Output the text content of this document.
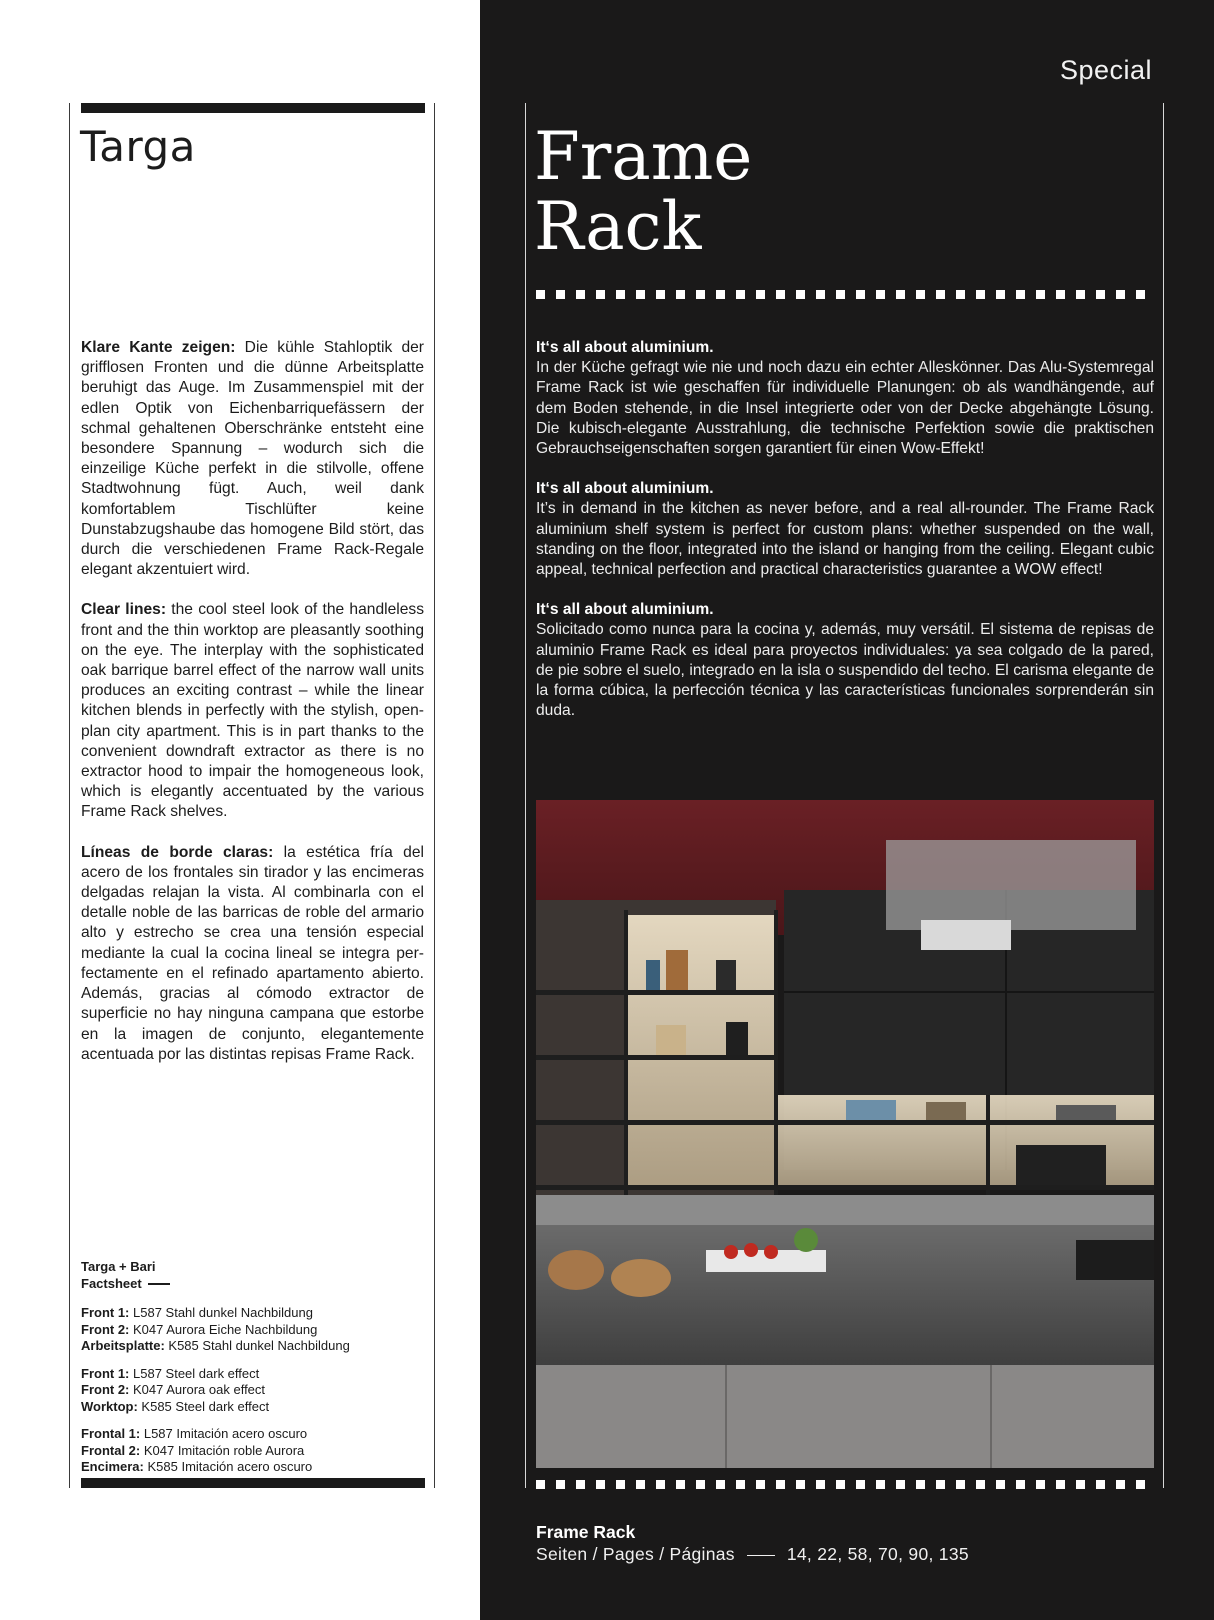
Targa

Klare Kante zeigen: Die kühle Stahloptik der grifflosen Fronten und die dünne Arbeitsplatte beruhigt das Auge. Im Zusammenspiel mit der edlen Optik von Eichenbarriquefässern der schmal gehaltenen Oberschränke entsteht eine besondere Spannung – wodurch sich die einzeilige Küche perfekt in die stilvolle, offene Stadtwohnung fügt. Auch, weil dank komfortablem Tischlüfter keine Dunstabzugshaube das homogene Bild stört, das durch die verschiedenen Frame Rack-Regale elegant akzentuiert wird.

Clear lines: the cool steel look of the handleless front and the thin worktop are pleasantly soothing on the eye. The interplay with the sophisticated oak barrique barrel effect of the narrow wall units produces an exciting contrast – while the linear kitchen blends in perfectly with the stylish, open-plan city apartment. This is in part thanks to the convenient downdraft extractor as there is no extractor hood to impair the homogeneous look, which is elegantly accentuated by the various Frame Rack shelves.

Líneas de borde claras: la estética fría del acero de los frontales sin tirador y las encimeras delgadas relajan la vista. Al combinarla con el detalle noble de las barricas de roble del armario alto y estrecho se crea una tensión especial mediante la cual la cocina lineal se integra perfectamente en el refinado apartamento abierto. Además, gracias al cómodo extractor de superficie no hay ninguna campana que estorbe en la imagen de conjunto, elegantemente acentuada por las distintas repisas Frame Rack.

Targa + Bari
Factsheet
Front 1: L587 Stahl dunkel Nachbildung
Front 2: K047 Aurora Eiche Nachbildung
Arbeitsplatte: K585 Stahl dunkel Nachbildung
Front 1: L587 Steel dark effect
Front 2: K047 Aurora oak effect
Worktop: K585 Steel dark effect
Frontal 1: L587 Imitación acero oscuro
Frontal 2: K047 Imitación roble Aurora
Encimera: K585 Imitación acero oscuro
Special
Frame
Rack

It‘s all about aluminium.
In der Küche gefragt wie nie und noch dazu ein echter Alleskönner. Das Alu-Systemregal Frame Rack ist wie geschaffen für individuelle Planungen: ob als wandhängende, auf dem Boden stehende, in die Insel integrierte oder von der Decke abgehängte Lösung. Die kubisch-elegante Ausstrahlung, die technische Perfektion sowie die praktischen Gebrauchseigenschaften sorgen garantiert für einen Wow-Effekt!

It‘s all about aluminium.
It’s in demand in the kitchen as never before, and a real all-rounder. The Frame Rack aluminium shelf system is perfect for custom plans: whether suspended on the wall, standing on the floor, integrated into the island or hanging from the ceiling. Elegant cubic appeal, technical perfection and practical characteristics guarantee a WOW effect!

It‘s all about aluminium.
Solicitado como nunca para la cocina y, además, muy versátil. El sistema de repisas de aluminio Frame Rack es ideal para proyectos individuales: ya sea colgado de la pared, de pie sobre el suelo, integrado en la isla o suspendido del techo. El carisma elegante de la forma cúbica, la perfección técnica y las características funcionales sorprenderán sin duda.

Frame Rack
Seiten / Pages / Páginas	14, 22, 58, 70, 90, 135
